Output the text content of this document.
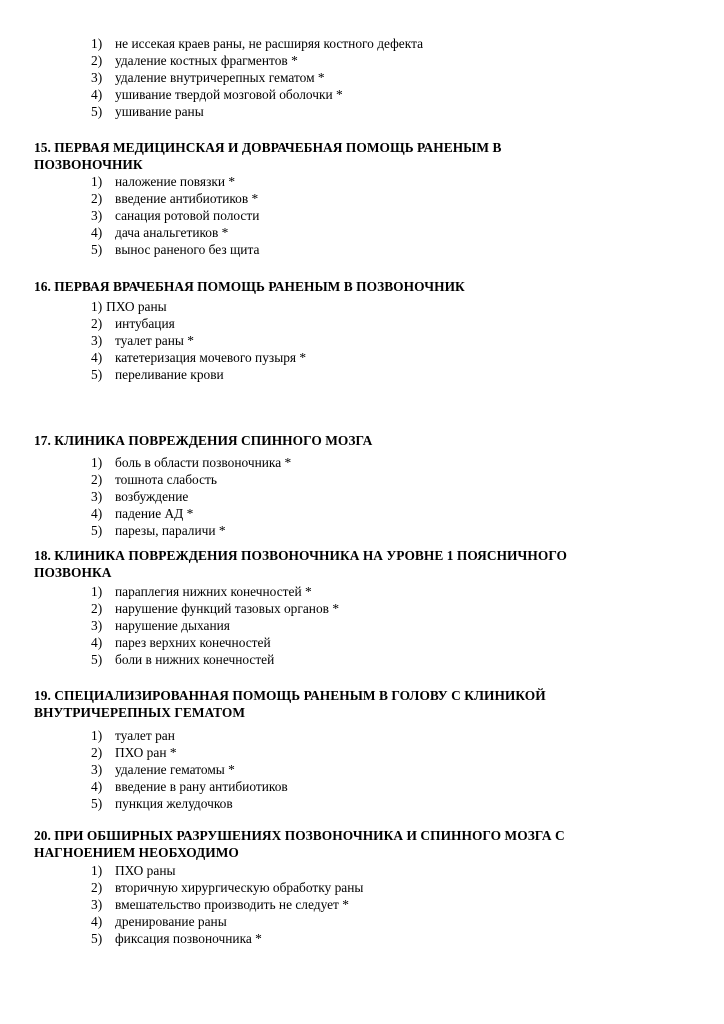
1) не иссекая краев раны, не расширяя костного дефекта

2) удаление костных фрагментов *

3) удаление внутричерепных гематом *

4) ушивание твердой мозговой оболочки *

5) ушивание раны

15. ПЕРВАЯ МЕДИЦИНСКАЯ И ДОВРАЧЕБНАЯ ПОМОЩЬ РАНЕНЫМ В ПОЗВОНОЧНИК

1) наложение повязки *

2) введение антибиотиков *

3) санация ротовой полости

4) дача анальгетиков *

5) вынос раненого без щита

16. ПЕРВАЯ ВРАЧЕБНАЯ ПОМОЩЬ РАНЕНЫМ В ПОЗВОНОЧНИК

1) ПХО раны

2) интубация

3) туалет раны *

4) катетеризация мочевого пузыря *

5) переливание крови

17. КЛИНИКА ПОВРЕЖДЕНИЯ СПИННОГО МОЗГА

1) боль в области позвоночника *

2) тошнота слабость

3) возбуждение

4) падение АД *

5) парезы, параличи *

18. КЛИНИКА ПОВРЕЖДЕНИЯ ПОЗВОНОЧНИКА НА УРОВНЕ 1 ПОЯСНИЧНОГО ПОЗВОНКА

1) параплегия нижних конечностей *

2) нарушение функций тазовых органов *

3) нарушение дыхания

4) парез верхних конечностей

5) боли в нижних конечностей

19. СПЕЦИАЛИЗИРОВАННАЯ ПОМОЩЬ РАНЕНЫМ В ГОЛОВУ С КЛИНИКОЙ ВНУТРИЧЕРЕПНЫХ ГЕМАТОМ

1) туалет ран

2) ПХО ран *

3) удаление гематомы *

4) введение в рану антибиотиков

5) пункция желудочков

20. ПРИ ОБШИРНЫХ РАЗРУШЕНИЯХ ПОЗВОНОЧНИКА И СПИННОГО МОЗГА С НАГНОЕНИЕМ НЕОБХОДИМО

1) ПХО раны

2) вторичную хирургическую обработку раны

3) вмешательство производить не следует *

4) дренирование раны

5) фиксация позвоночника *
